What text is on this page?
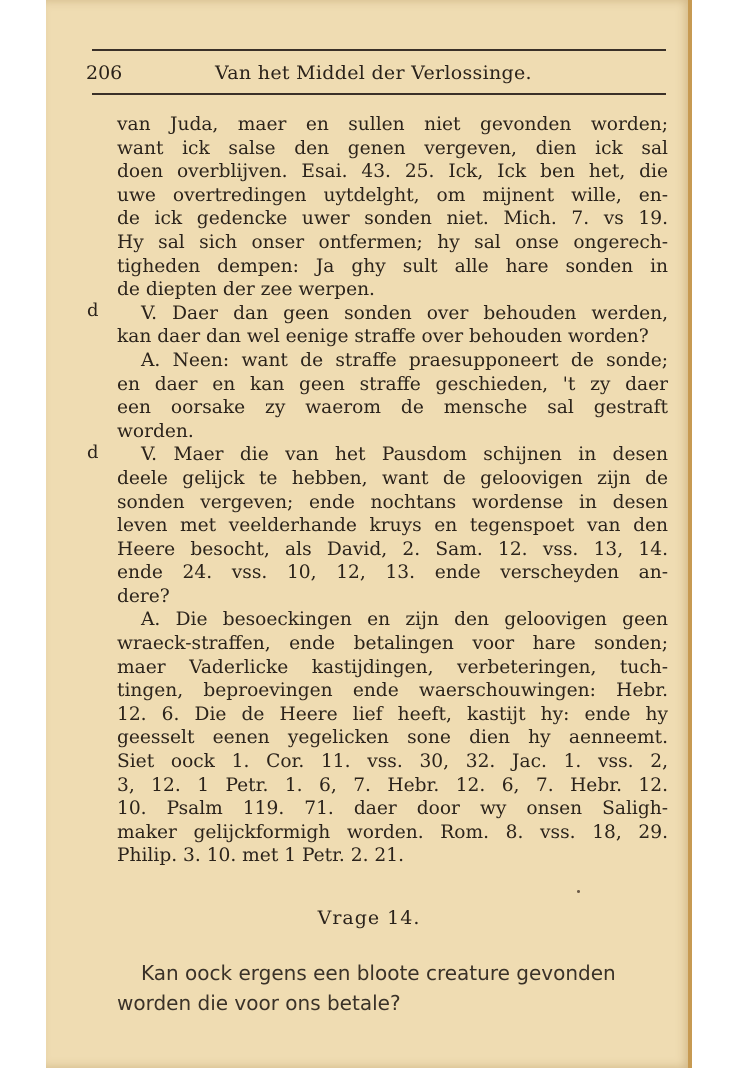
206	Van het Middel der Verlossinge.
d
d
van Juda, maer en sullen niet gevonden worden;
want ick salse den genen vergeven, dien ick sal
doen overblijven. Esai. 43. 25. Ick, Ick ben het, die
uwe overtredingen uytdelght, om mijnent wille, en-
de ick gedencke uwer sonden niet. Mich. 7. vs 19.
Hy sal sich onser ontfermen; hy sal onse ongerech-
tigheden dempen: Ja ghy sult alle hare sonden in
de diepten der zee werpen.
V. Daer dan geen sonden over behouden werden,
kan daer dan wel eenige straffe over behouden worden?
A. Neen: want de straffe praesupponeert de sonde;
en daer en kan geen straffe geschieden, 't zy daer
een oorsake zy waerom de mensche sal gestraft
worden.
V. Maer die van het Pausdom schijnen in desen
deele gelijck te hebben, want de geloovigen zijn de
sonden vergeven; ende nochtans wordense in desen
leven met veelderhande kruys en tegenspoet van den
Heere besocht, als David, 2. Sam. 12. vss. 13, 14.
ende 24. vss. 10, 12, 13. ende verscheyden an-
dere?
A. Die besoeckingen en zijn den geloovigen geen
wraeck-straffen, ende betalingen voor hare sonden;
maer Vaderlicke kastijdingen, verbeteringen, tuch-
tingen, beproevingen ende waerschouwingen: Hebr.
12. 6. Die de Heere lief heeft, kastijt hy: ende hy
geesselt eenen yegelicken sone dien hy aenneemt.
Siet oock 1. Cor. 11. vss. 30, 32. Jac. 1. vss. 2,
3, 12. 1 Petr. 1. 6, 7. Hebr. 12. 6, 7. Hebr. 12.
10. Psalm 119. 71. daer door wy onsen Saligh-
maker gelijckformigh worden. Rom. 8. vss. 18, 29.
Philip. 3. 10. met 1 Petr. 2. 21.
Vrage 14.
Kan oock ergens een bloote creature gevonden
worden die voor ons betale?
